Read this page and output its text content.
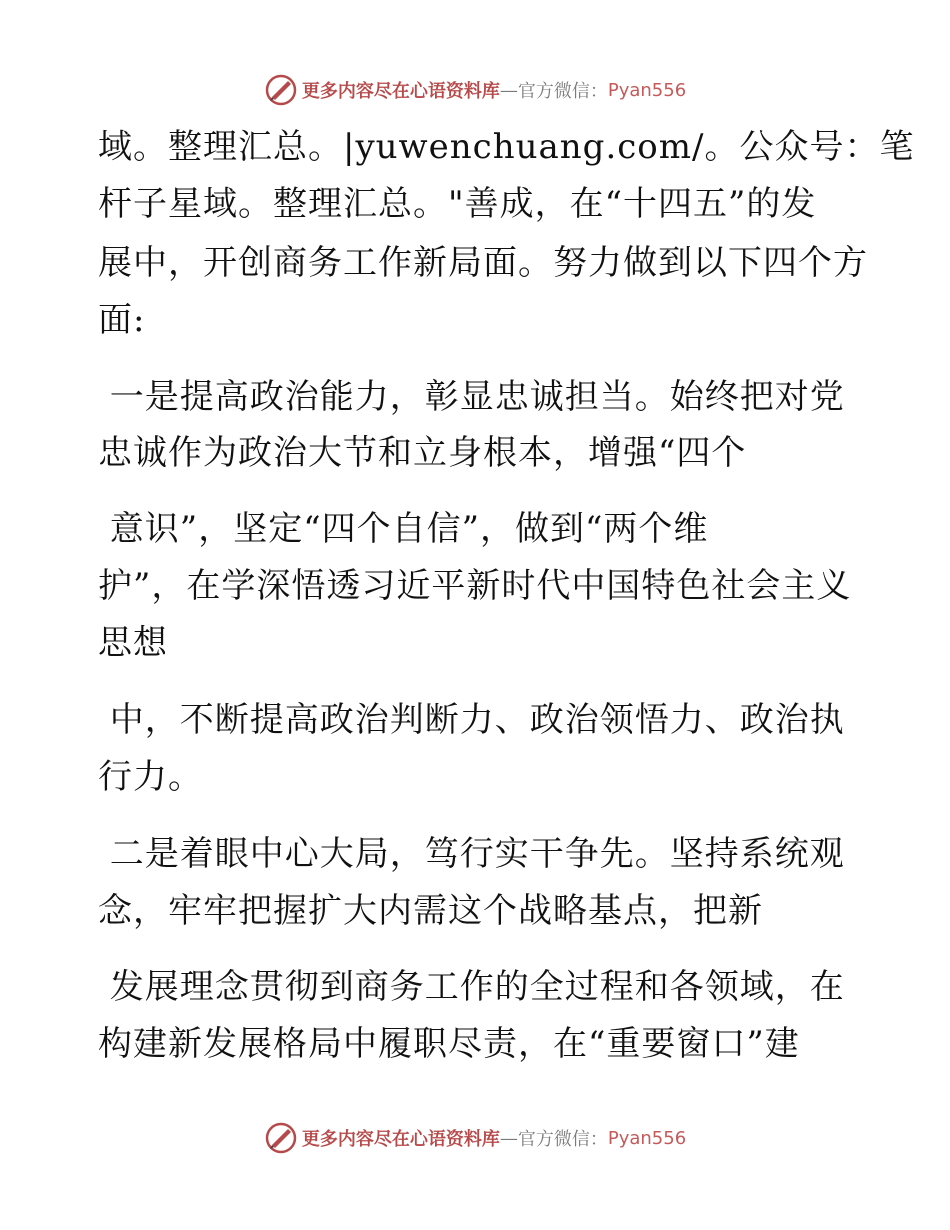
更多内容尽在心语资料库 — 官方微信： Pyan556
域。整理汇总。|yuwenchuang.com/。公众号：笔
杆子星域。整理汇总。"善成，在“十四五”的发
展中，开创商务工作新局面。努力做到以下四个方
面:
一是提高政治能力，彰显忠诚担当。始终把对党
忠诚作为政治大节和立身根本，增强“四个
意识”，坚定“四个自信”，做到“两个维
护”，在学深悟透习近平新时代中国特色社会主义
思想
中，不断提高政治判断力、政治领悟力、政治执
行力。
二是着眼中心大局，笃行实干争先。坚持系统观
念，牢牢把握扩大内需这个战略基点，把新
发展理念贯彻到商务工作的全过程和各领域，在
构建新发展格局中履职尽责，在“重要窗口”建
更多内容尽在心语资料库 — 官方微信： Pyan556
